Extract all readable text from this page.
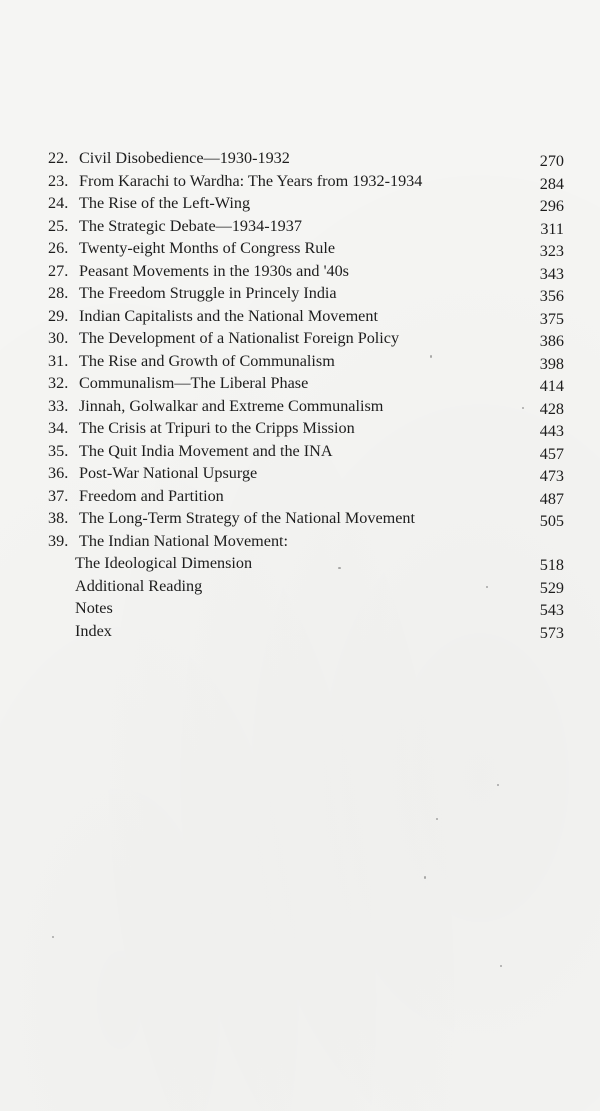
22. Civil Disobedience—1930-1932	270
23. From Karachi to Wardha: The Years from 1932-1934	284
24. The Rise of the Left-Wing	296
25. The Strategic Debate—1934-1937	311
26. Twenty-eight Months of Congress Rule	323
27. Peasant Movements in the 1930s and '40s	343
28. The Freedom Struggle in Princely India	356
29. Indian Capitalists and the National Movement	375
30. The Development of a Nationalist Foreign Policy	386
31. The Rise and Growth of Communalism	398
32. Communalism—The Liberal Phase	414
33. Jinnah, Golwalkar and Extreme Communalism	428
34. The Crisis at Tripuri to the Cripps Mission	443
35. The Quit India Movement and the INA	457
36. Post-War National Upsurge	473
37. Freedom and Partition	487
38. The Long-Term Strategy of the National Movement	505
39. The Indian National Movement:
The Ideological Dimension	518
Additional Reading	529
Notes	543
Index	573
